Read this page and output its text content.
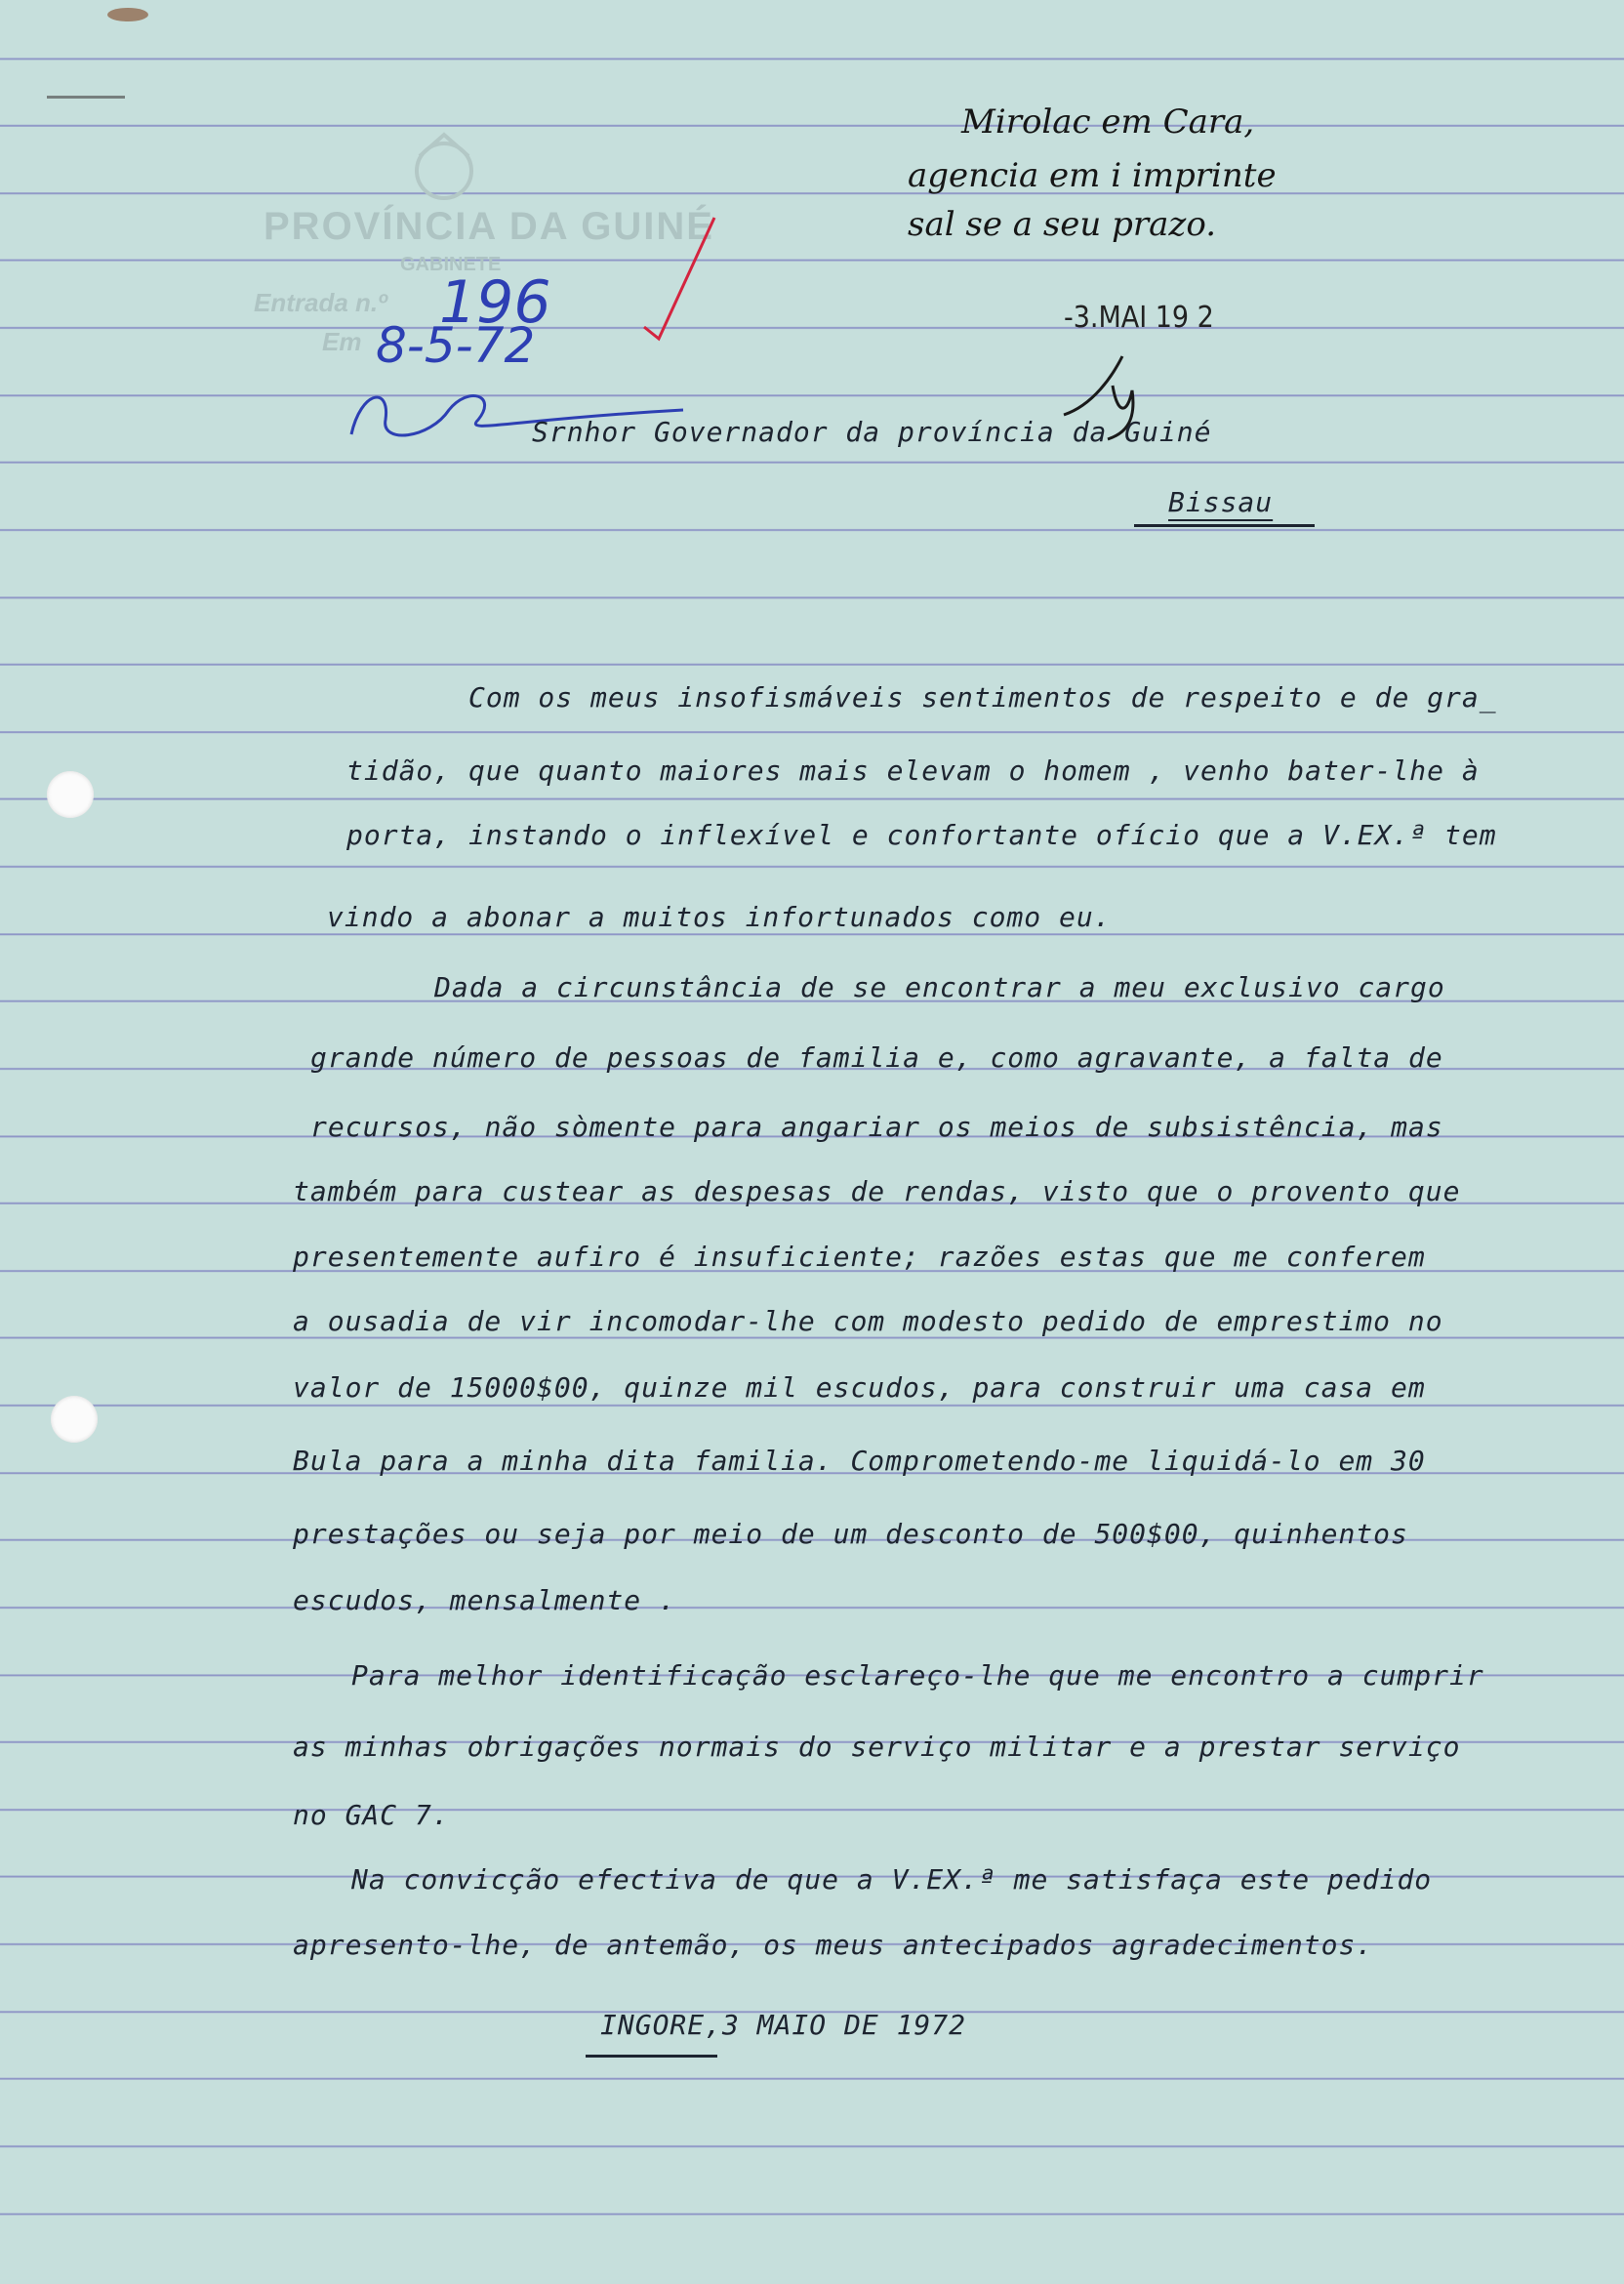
PROVÍNCIA DA GUINÉ
GABINETE
Entrada n.º
Em
196
8-5-72
Mirolac em Cara,
agencia em i imprinte
sal se a seu prazo.
-3.MAI 19 2
Srnhor Governador da província da Guiné
Bissau
Com os meus insofismáveis sentimentos de respeito e de gra_
tidão, que quanto maiores mais elevam o homem , venho bater-lhe à
porta, instando o inflexível e confortante ofício que a V.EX.ª tem
vindo a abonar a muitos infortunados como eu.
Dada a circunstância de se encontrar a meu exclusivo cargo
grande número de pessoas de familia e, como agravante, a falta de
recursos, não sòmente para angariar os meios de subsistência, mas
também para custear as despesas de rendas, visto que o provento que
presentemente aufiro é insuficiente; razões estas que me conferem
a ousadia de vir incomodar-lhe com modesto pedido de emprestimo no
valor de 15000$00, quinze mil escudos, para construir uma casa em
Bula para a minha dita familia. Comprometendo-me liquidá-lo em 30
prestações ou seja por meio de um desconto de 500$00, quinhentos
escudos, mensalmente .
Para melhor identificação esclareço-lhe que me encontro a cumprir
as minhas obrigações normais do serviço militar e a prestar serviço
no GAC 7.
Na convicção efectiva de que a V.EX.ª me satisfaça este pedido
apresento-lhe, de antemão, os meus antecipados agradecimentos.
INGORE,3 MAIO DE 1972
